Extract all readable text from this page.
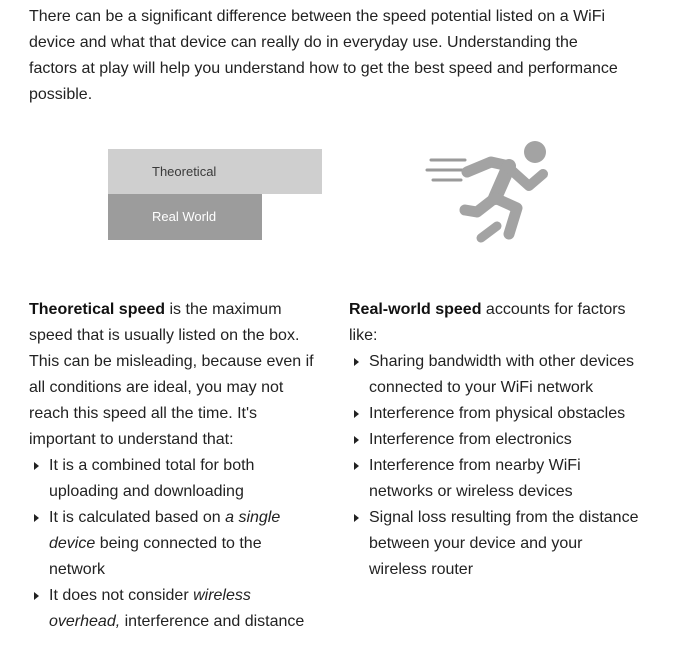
There can be a significant difference between the speed potential listed on a WiFi device and what that device can really do in everyday use. Understanding the factors at play will help you understand how to get the best speed and performance possible.

Theoretical
Real World

Theoretical speed is the maximum speed that is usually listed on the box. This can be misleading, because even if all conditions are ideal, you may not reach this speed all the time. It's important to understand that:

It is a combined total for both uploading and downloading
It is calculated based on a single device being connected to the network
It does not consider wireless overhead, interference and distance

Real-world speed accounts for factors like:

Sharing bandwidth with other devices connected to your WiFi network
Interference from physical obstacles
Interference from electronics
Interference from nearby WiFi networks or wireless devices
Signal loss resulting from the distance between your device and your wireless router
